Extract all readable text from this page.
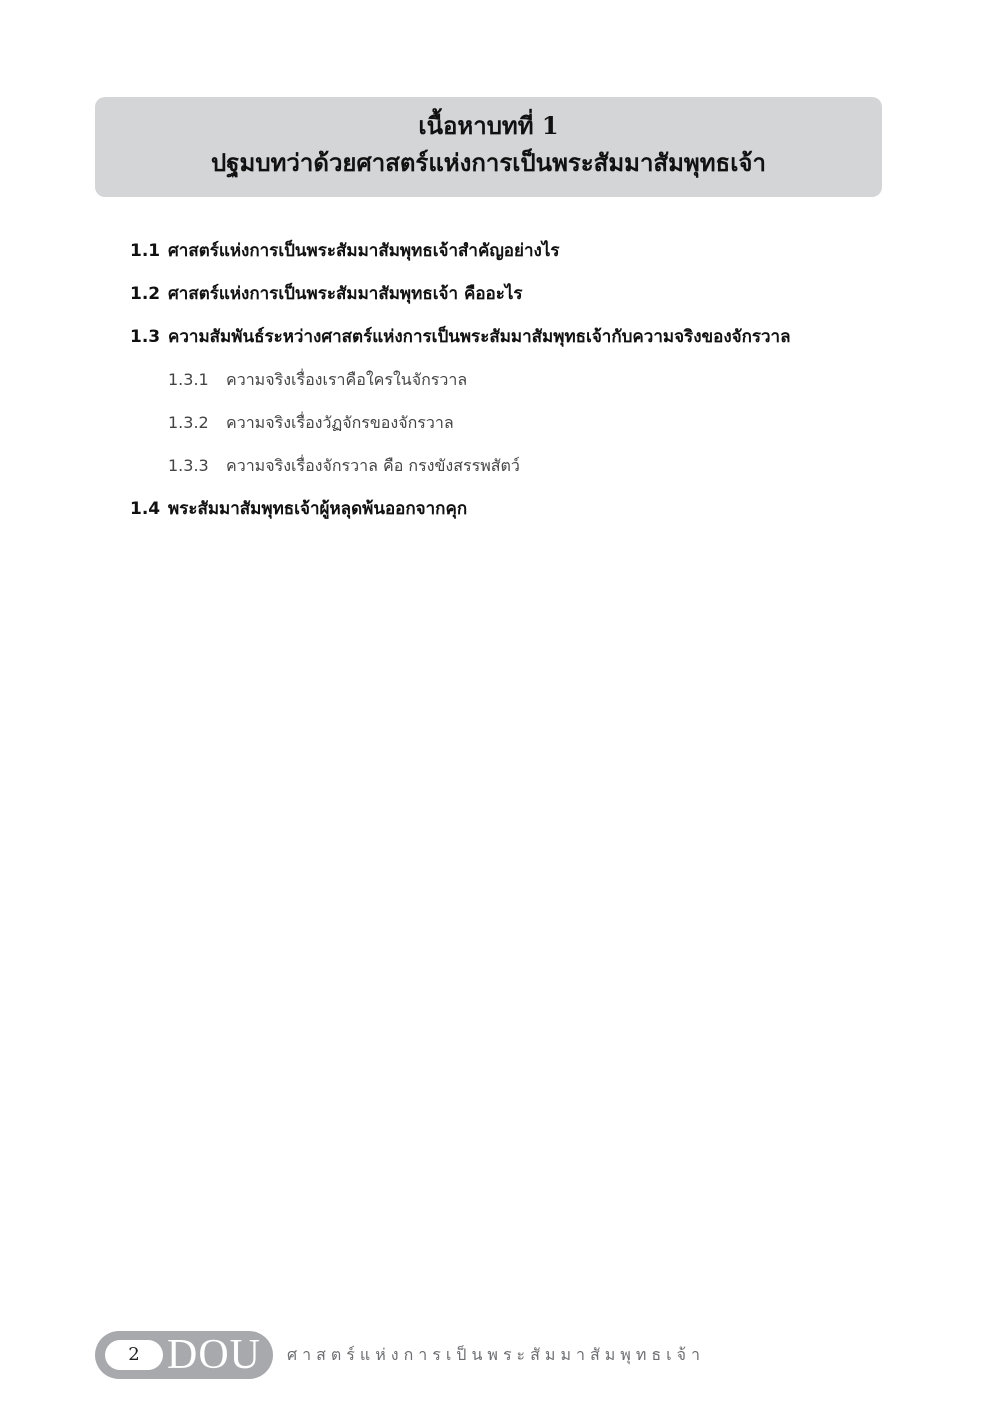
เนื้อหาบทที่ 1
ปฐมบทว่าด้วยศาสตร์แห่งการเป็นพระสัมมาสัมพุทธเจ้า
1.1 ศาสตร์แห่งการเป็นพระสัมมาสัมพุทธเจ้าสำคัญอย่างไร
1.2 ศาสตร์แห่งการเป็นพระสัมมาสัมพุทธเจ้า คืออะไร
1.3 ความสัมพันธ์ระหว่างศาสตร์แห่งการเป็นพระสัมมาสัมพุทธเจ้ากับความจริงของจักรวาล
1.3.1 ความจริงเรื่องเราคือใครในจักรวาล
1.3.2 ความจริงเรื่องวัฏจักรของจักรวาล
1.3.3 ความจริงเรื่องจักรวาล คือ กรงขังสรรพสัตว์
1.4 พระสัมมาสัมพุทธเจ้าผู้หลุดพ้นออกจากคุก
2 DOU ศาสตร์แห่งการเป็นพระสัมมาสัมพุทธเจ้า
